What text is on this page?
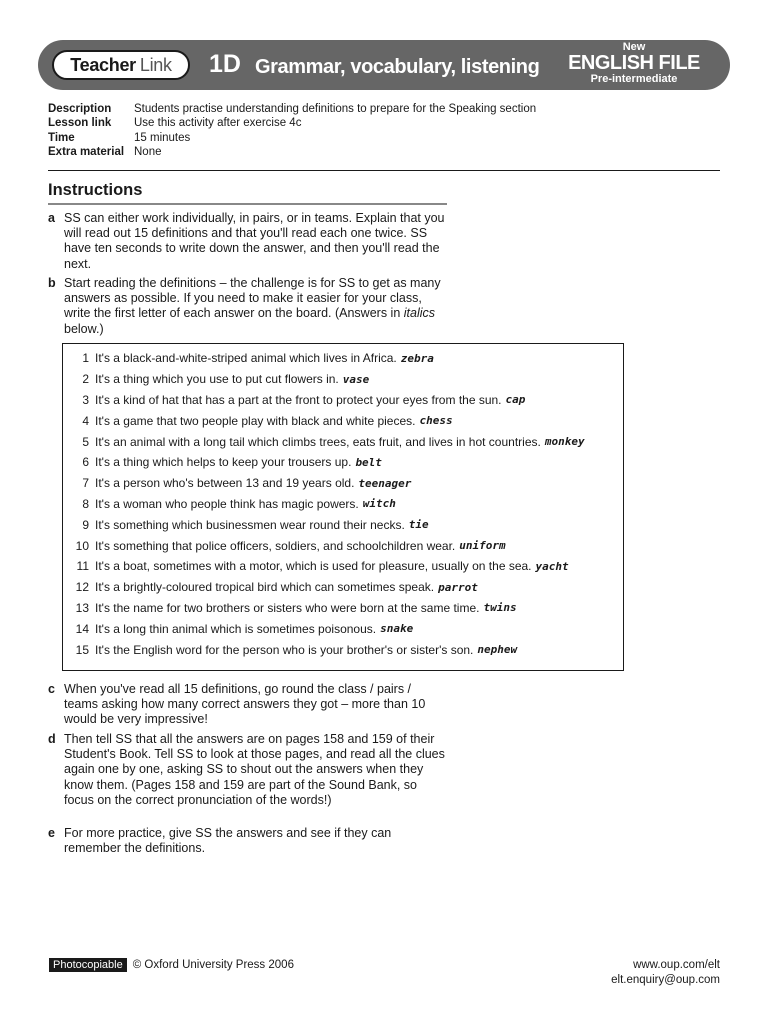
Teacher Link 1D Grammar, vocabulary, listening
New
ENGLISH FILE
Pre-intermediate
Description	Students practise understanding definitions to prepare for the Speaking section
Lesson link	Use this activity after exercise 4c
Time	15 minutes
Extra material None
Instructions
a SS can either work individually, in pairs, or in teams. Explain that you will read out 15 definitions and that you'll read each one twice. SS have ten seconds to write down the answer, and then you'll read the next.
b Start reading the definitions – the challenge is for SS to get as many answers as possible. If you need to make it easier for your class, write the first letter of each answer on the board. (Answers in italics below.)
1 It's a black-and-white-striped animal which lives in Africa. zebra
2 It's a thing which you use to put cut flowers in. vase
3 It's a kind of hat that has a part at the front to protect your eyes from the sun. cap
4 It's a game that two people play with black and white pieces. chess
5 It's an animal with a long tail which climbs trees, eats fruit, and lives in hot countries. monkey
6 It's a thing which helps to keep your trousers up. belt
7 It's a person who's between 13 and 19 years old. teenager
8 It's a woman who people think has magic powers. witch
9 It's something which businessmen wear round their necks. tie
10 It's something that police officers, soldiers, and schoolchildren wear. uniform
11 It's a boat, sometimes with a motor, which is used for pleasure, usually on the sea. yacht
12 It's a brightly-coloured tropical bird which can sometimes speak. parrot
13 It's the name for two brothers or sisters who were born at the same time. twins
14 It's a long thin animal which is sometimes poisonous. snake
15 It's the English word for the person who is your brother's or sister's son. nephew
c When you've read all 15 definitions, go round the class / pairs / teams asking how many correct answers they got – more than 10 would be very impressive!
d Then tell SS that all the answers are on pages 158 and 159 of their Student's Book. Tell SS to look at those pages, and read all the clues again one by one, asking SS to shout out the answers when they know them. (Pages 158 and 159 are part of the Sound Bank, so focus on the correct pronunciation of the words!)
e For more practice, give SS the answers and see if they can remember the definitions.
Photocopiable © Oxford University Press 2006	www.oup.com/elt
elt.enquiry@oup.com
